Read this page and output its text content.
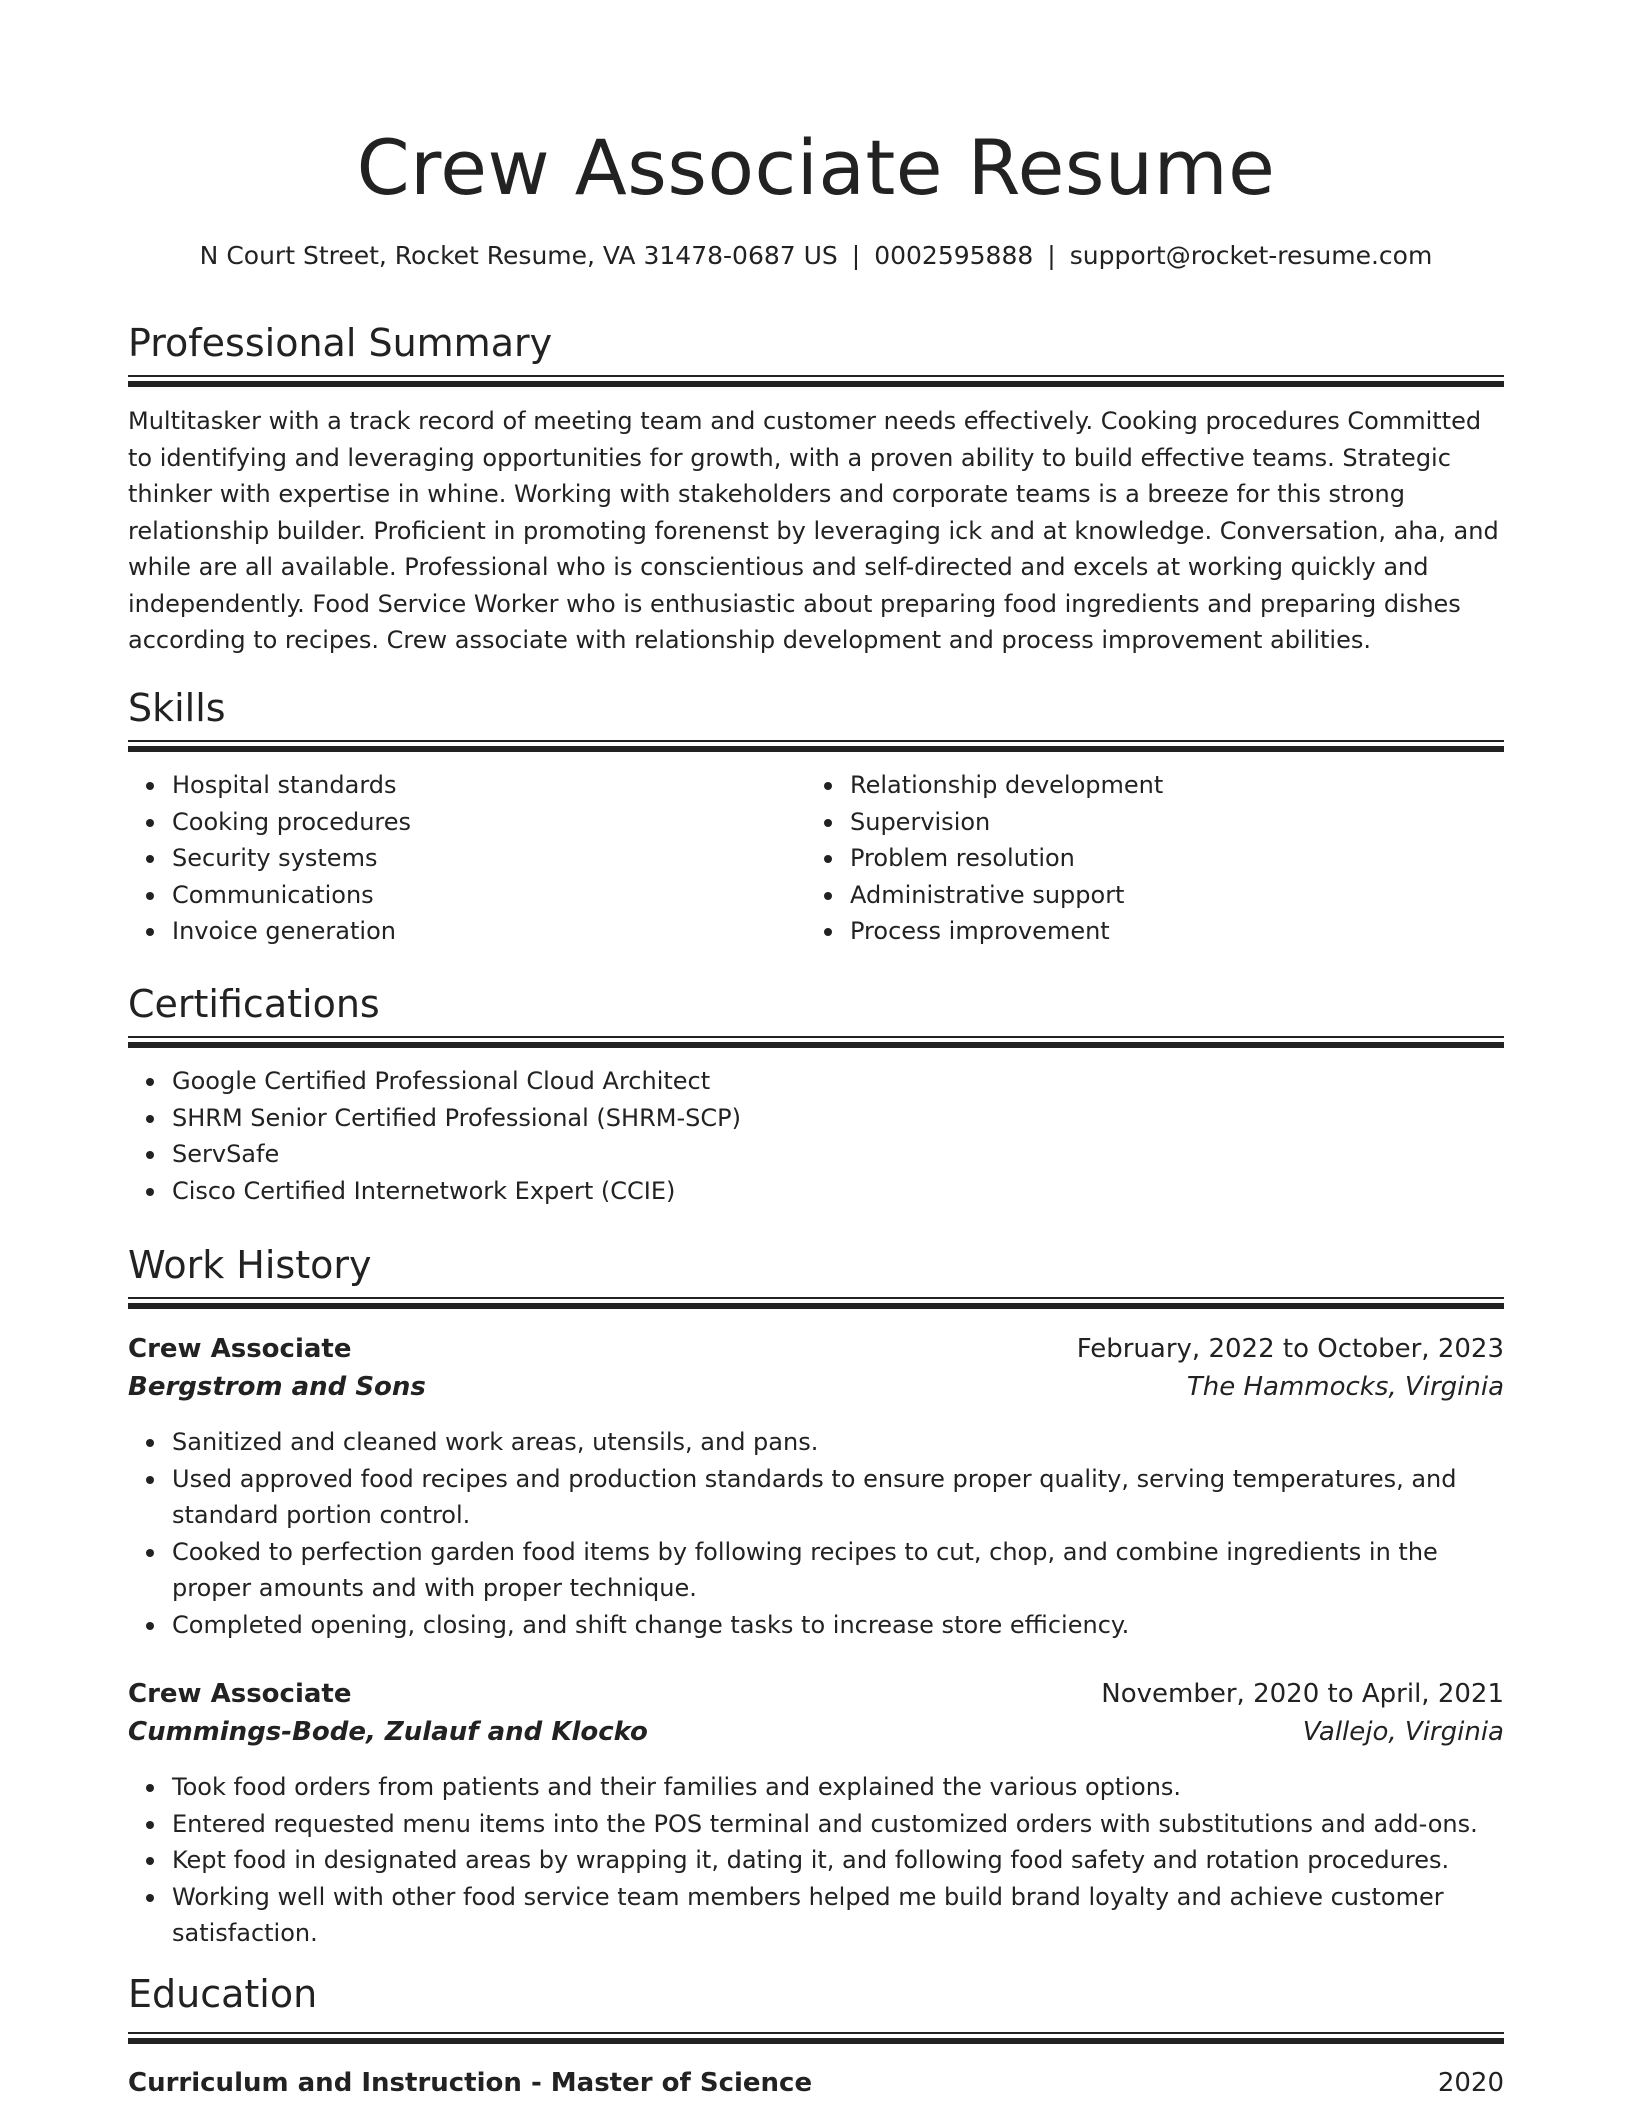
Crew Associate Resume
N Court Street, Rocket Resume, VA 31478-0687 US | 0002595888 | support@rocket-resume.com
Professional Summary

Multitasker with a track record of meeting team and customer needs effectively. Cooking procedures Committed to identifying and leveraging opportunities for growth, with a proven ability to build effective teams. Strategic thinker with expertise in whine. Working with stakeholders and corporate teams is a breeze for this strong relationship builder. Proficient in promoting forenenst by leveraging ick and at knowledge. Conversation, aha, and while are all available. Professional who is conscientious and self-directed and excels at working quickly and independently. Food Service Worker who is enthusiastic about preparing food ingredients and preparing dishes according to recipes. Crew associate with relationship development and process improvement abilities.

Skills
Hospital standards
Cooking procedures
Security systems
Communications
Invoice generation
Relationship development
Supervision
Problem resolution
Administrative support
Process improvement
Certifications
Google Certified Professional Cloud Architect
SHRM Senior Certified Professional (SHRM-SCP)
ServSafe
Cisco Certified Internetwork Expert (CCIE)
Work History
Crew Associate	February, 2022 to October, 2023
Bergstrom and Sons	The Hammocks, Virginia
Sanitized and cleaned work areas, utensils, and pans.
Used approved food recipes and production standards to ensure proper quality, serving temperatures, and standard portion control.
Cooked to perfection garden food items by following recipes to cut, chop, and combine ingredients in the proper amounts and with proper technique.
Completed opening, closing, and shift change tasks to increase store efficiency.
Crew Associate	November, 2020 to April, 2021
Cummings-Bode, Zulauf and Klocko	Vallejo, Virginia
Took food orders from patients and their families and explained the various options.
Entered requested menu items into the POS terminal and customized orders with substitutions and add-ons.
Kept food in designated areas by wrapping it, dating it, and following food safety and rotation procedures.
Working well with other food service team members helped me build brand loyalty and achieve customer satisfaction.
Education
Curriculum and Instruction - Master of Science	2020
